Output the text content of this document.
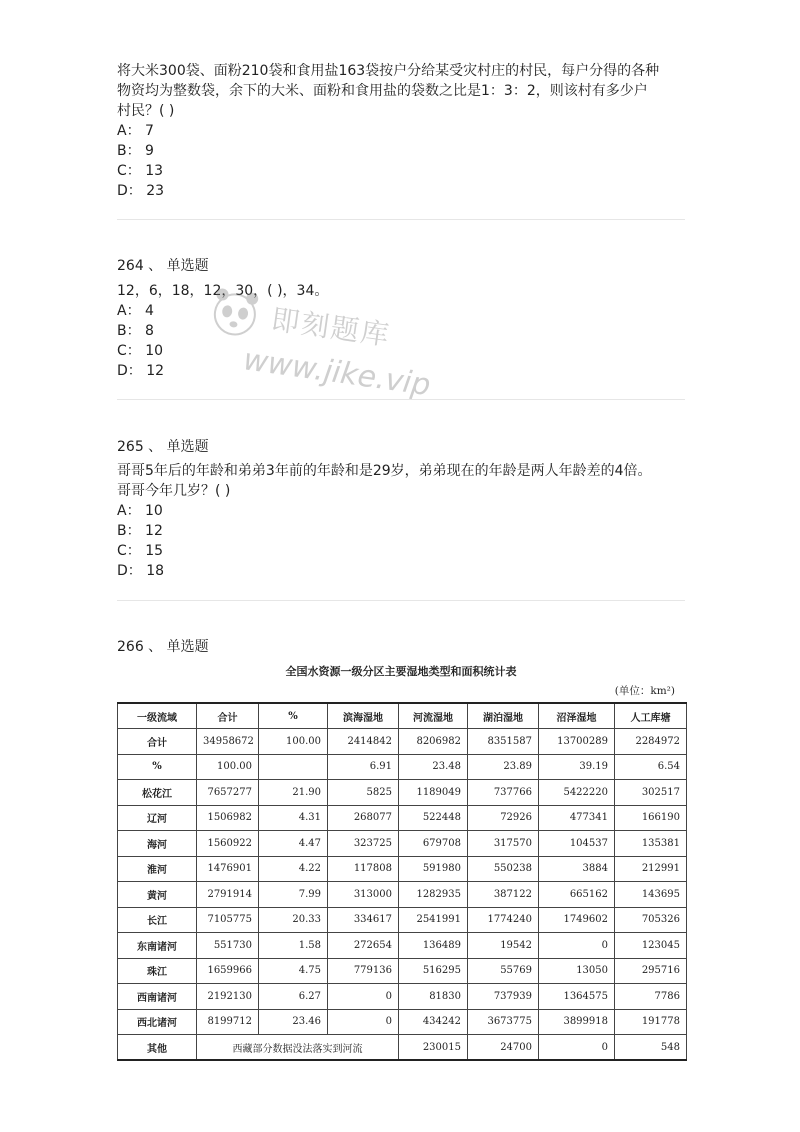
将大米300袋、面粉210袋和食用盐163袋按户分给某受灾村庄的村民，每户分得的各种

物资均为整数袋，余下的大米、面粉和食用盐的袋数之比是1：3：2，则该村有多少户

村民？( )

A： 7

B： 9

C： 13

D： 23

264 、 单选题

12，6，18，12，30，( )，34。

A： 4

B： 8

C： 10

D： 12

265 、 单选题

哥哥5年后的年龄和弟弟3年前的年龄和是29岁，弟弟现在的年龄是两人年龄差的4倍。

哥哥今年几岁？( )

A： 10

B： 12

C： 15

D： 18

266 、 单选题
全国水资源一级分区主要湿地类型和面积统计表
(单位：km²)
一级流域	合计	%	滨海湿地	河流湿地	湖泊湿地	沼泽湿地	人工库塘
合计	34958672	100.00	2414842	8206982	8351587	13700289	2284972
%	100.00		6.91	23.48	23.89	39.19	6.54
松花江	7657277	21.90	5825	1189049	737766	5422220	302517
辽河	1506982	4.31	268077	522448	72926	477341	166190
海河	1560922	4.47	323725	679708	317570	104537	135381
淮河	1476901	4.22	117808	591980	550238	3884	212991
黄河	2791914	7.99	313000	1282935	387122	665162	143695
长江	7105775	20.33	334617	2541991	1774240	1749602	705326
东南诸河	551730	1.58	272654	136489	19542	0	123045
珠江	1659966	4.75	779136	516295	55769	13050	295716
西南诸河	2192130	6.27	0	81830	737939	1364575	7786
西北诸河	8199712	23.46	0	434242	3673775	3899918	191778
其他	西藏部分数据没法落实到河流			230015	24700	0	548
即刻题库
www.jike.vip
